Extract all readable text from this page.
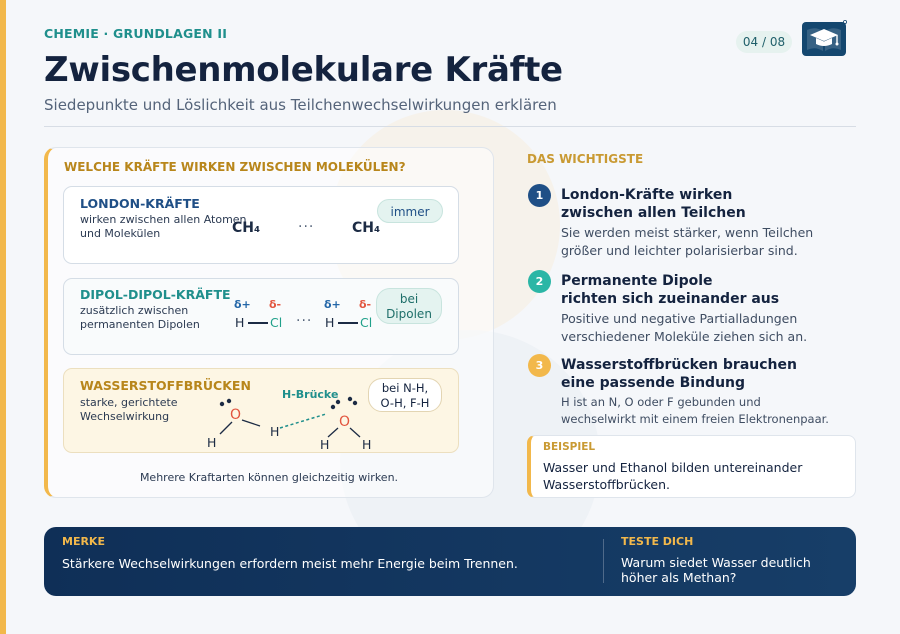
CHEMIE · GRUNDLAGEN II
Zwischenmolekulare Kräfte
Siedepunkte und Löslichkeit aus Teilchenwechselwirkungen erklären
04 / 08
WELCHE KRÄFTE WIRKEN ZWISCHEN MOLEKÜLEN?
LONDON-KRÄFTE
wirken zwischen allen Atomen
und Molekülen	CH₄	···	CH₄
immer
DIPOL-DIPOL-KRÄFTE
zusätzlich zwischen
permanenten Dipolen
δ+ δ-
H Cl ···
δ+ δ-
H Cl
bei
Dipolen
WASSERSTOFFBRÜCKEN
starke, gerichtete
Wechselwirkung	O
H
H
O
H	H
H-Brücke	bei N-H,
O-H, F-H
Mehrere Kraftarten können gleichzeitig wirken.
DAS WICHTIGSTE
1	London-Kräfte wirken
zwischen allen Teilchen
Sie werden meist stärker, wenn Teilchen
größer und leichter polarisierbar sind.
2	Permanente Dipole
richten sich zueinander aus
Positive und negative Partialladungen
verschiedener Moleküle ziehen sich an.
3	Wasserstoffbrücken brauchen
eine passende Bindung
H ist an N, O oder F gebunden und
wechselwirkt mit einem freien Elektronenpaar.
BEISPIEL
Wasser und Ethanol bilden untereinander
Wasserstoffbrücken.
MERKE
Stärkere Wechselwirkungen erfordern meist mehr Energie beim Trennen.
TESTE DICH
Warum siedet Wasser deutlich
höher als Methan?
